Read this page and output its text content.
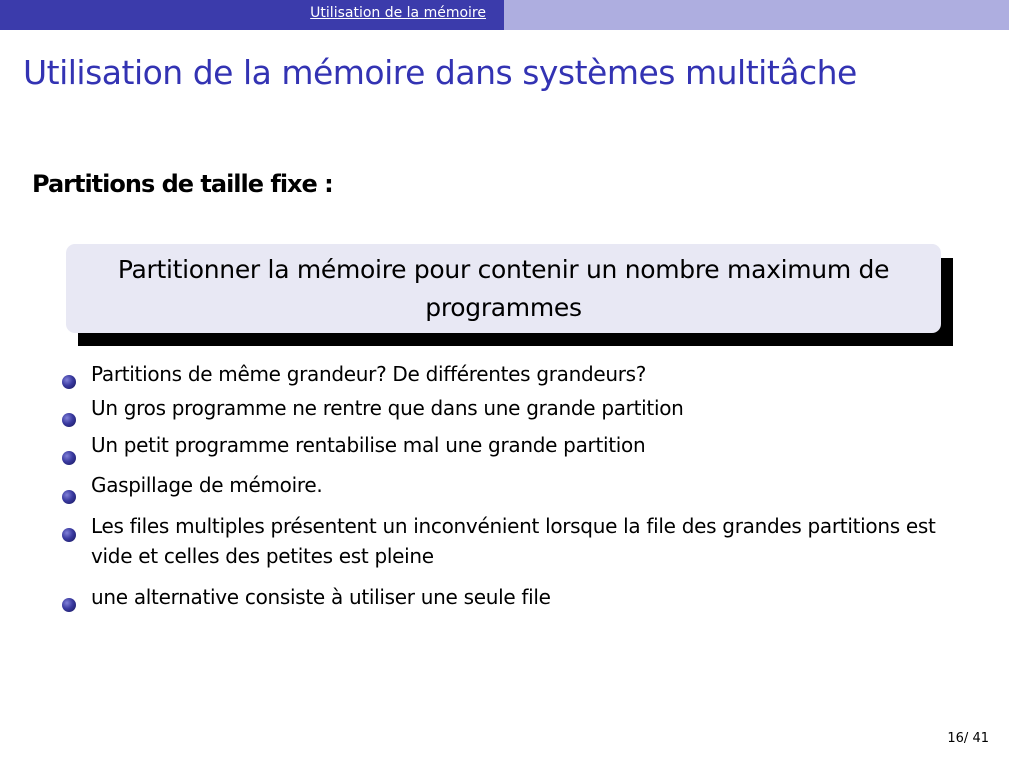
Utilisation de la mémoire
Utilisation de la mémoire dans systèmes multitâche
Partitions de taille fixe :
Partitionner la mémoire pour contenir un nombre maximum de programmes
Partitions de même grandeur? De différentes grandeurs?
Un gros programme ne rentre que dans une grande partition
Un petit programme rentabilise mal une grande partition
Gaspillage de mémoire.
Les files multiples présentent un inconvénient lorsque la file des grandes partitions est vide et celles des petites est pleine
une alternative consiste à utiliser une seule file
16/ 41
